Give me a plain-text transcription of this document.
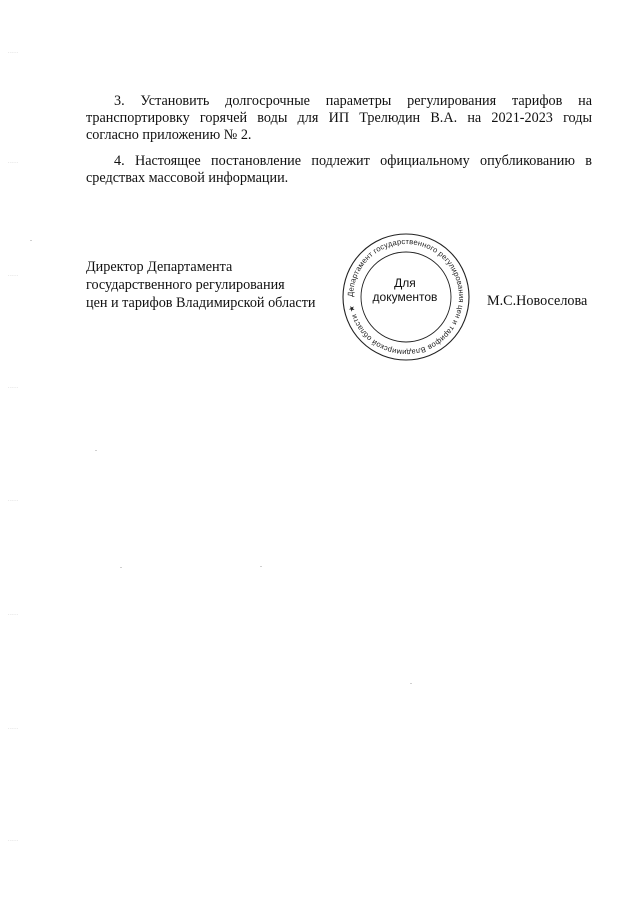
·····
·····
·····
·····
·····
·····
·····
·····
3. Установить долгосрочные параметры регулирования тарифов на
транспортировку горячей воды для ИП Трелюдин В.А. на 2021-2023 годы
согласно приложению № 2.
4. Настоящее постановление подлежит официальному опубликованию в
средствах массовой информации.
Директор Департамента
государственного регулирования
цен и тарифов Владимирской области
Департамент государственного регулирования цен и тарифов Владимирской области ★
Для
документов	М.С.Новоселова
